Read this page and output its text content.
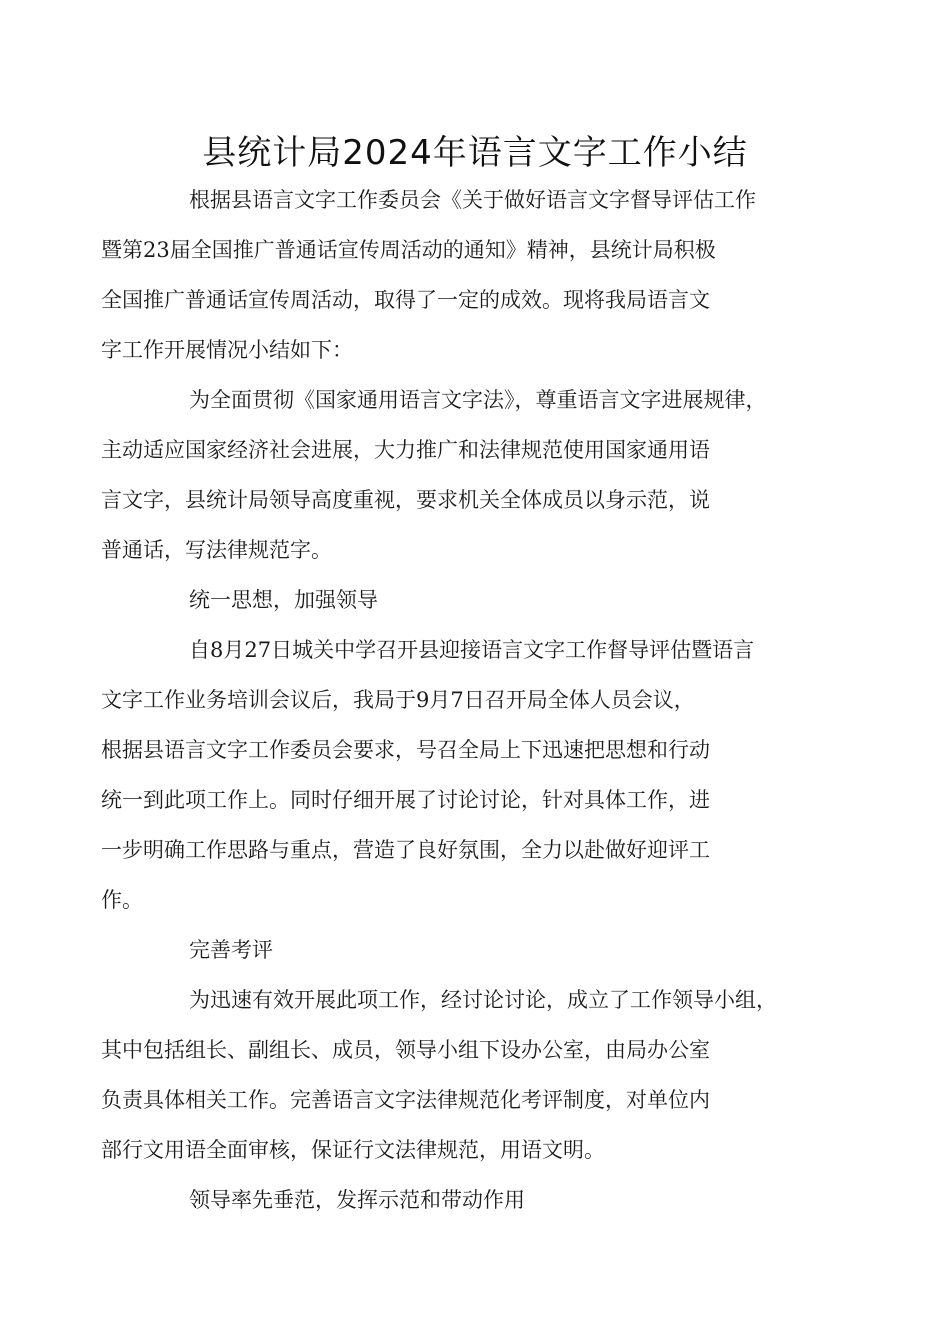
县统计局2024年语言文字工作小结

根据县语言文字工作委员会《关于做好语言文字督导评估工作
暨第23届全国推广普通话宣传周活动的通知》精神，县统计局积极
全国推广普通话宣传周活动，取得了一定的成效。现将我局语言文
字工作开展情况小结如下：

为全面贯彻《国家通用语言文字法》，尊重语言文字进展规律，
主动适应国家经济社会进展，大力推广和法律规范使用国家通用语
言文字，县统计局领导高度重视，要求机关全体成员以身示范，说
普通话，写法律规范字。

统一思想，加强领导

自8月27日城关中学召开县迎接语言文字工作督导评估暨语言
文字工作业务培训会议后，我局于9月7日召开局全体人员会议，
根据县语言文字工作委员会要求，号召全局上下迅速把思想和行动
统一到此项工作上。同时仔细开展了讨论讨论，针对具体工作，进
一步明确工作思路与重点，营造了良好氛围，全力以赴做好迎评工
作。

完善考评

为迅速有效开展此项工作，经讨论讨论，成立了工作领导小组，
其中包括组长、副组长、成员，领导小组下设办公室，由局办公室
负责具体相关工作。完善语言文字法律规范化考评制度，对单位内
部行文用语全面审核，保证行文法律规范，用语文明。

领导率先垂范，发挥示范和带动作用
